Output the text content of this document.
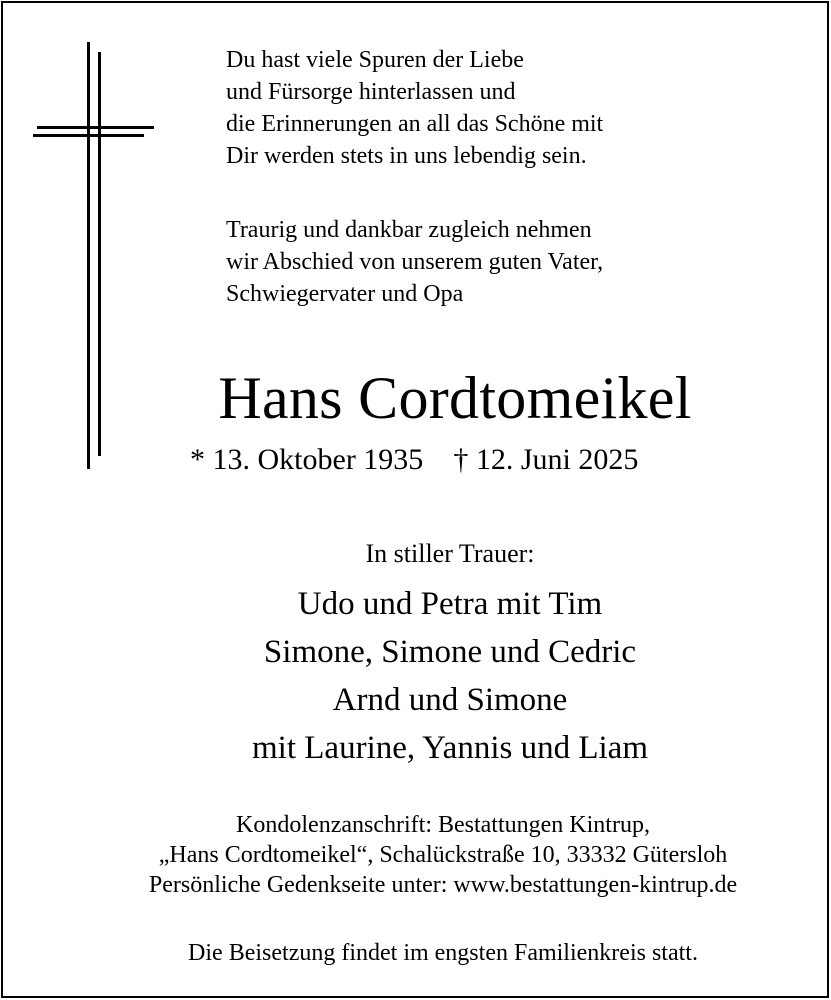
Du hast viele Spuren der Liebe
und Fürsorge hinterlassen und
die Erinnerungen an all das Schöne mit
Dir werden stets in uns lebendig sein.
Traurig und dankbar zugleich nehmen
wir Abschied von unserem guten Vater,
Schwiegervater und Opa
Hans Cordtomeikel
* 13. Oktober 1935 † 12. Juni 2025
In stiller Trauer:
Udo und Petra mit Tim
Simone, Simone und Cedric
Arnd und Simone
mit Laurine, Yannis und Liam
Kondolenzanschrift: Bestattungen Kintrup,
„Hans Cordtomeikel“, Schalückstraße 10, 33332 Gütersloh
Persönliche Gedenkseite unter: www.bestattungen-kintrup.de
Die Beisetzung findet im engsten Familienkreis statt.
